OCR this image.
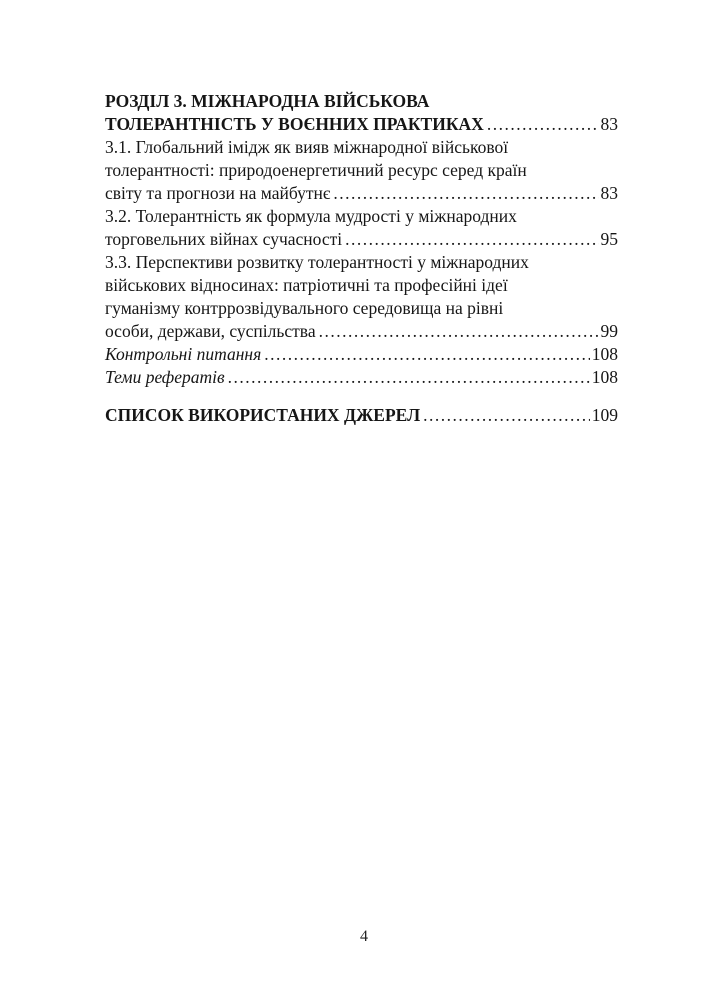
РОЗДІЛ 3. МІЖНАРОДНА ВІЙСЬКОВА
ТОЛЕРАНТНІСТЬ У ВОЄННИХ ПРАКТИКАХ .....	83
3.1. Глобальний імідж як вияв міжнародної військової
толерантності: природоенергетичний ресурс серед країн
світу та прогнози на майбутнє .....	83
3.2. Толерантність як формула мудрості у міжнародних
торговельних війнах сучасності .....	95
3.3. Перспективи розвитку толерантності у міжнародних
військових відносинах: патріотичні та професійні ідеї
гуманізму контррозвідувального середовища на рівні
особи, держави, суспільства .....	99
Контрольні питання .....	108
Теми рефератів .....	108
СПИСОК ВИКОРИСТАНИХ ДЖЕРЕЛ .....	109
4
